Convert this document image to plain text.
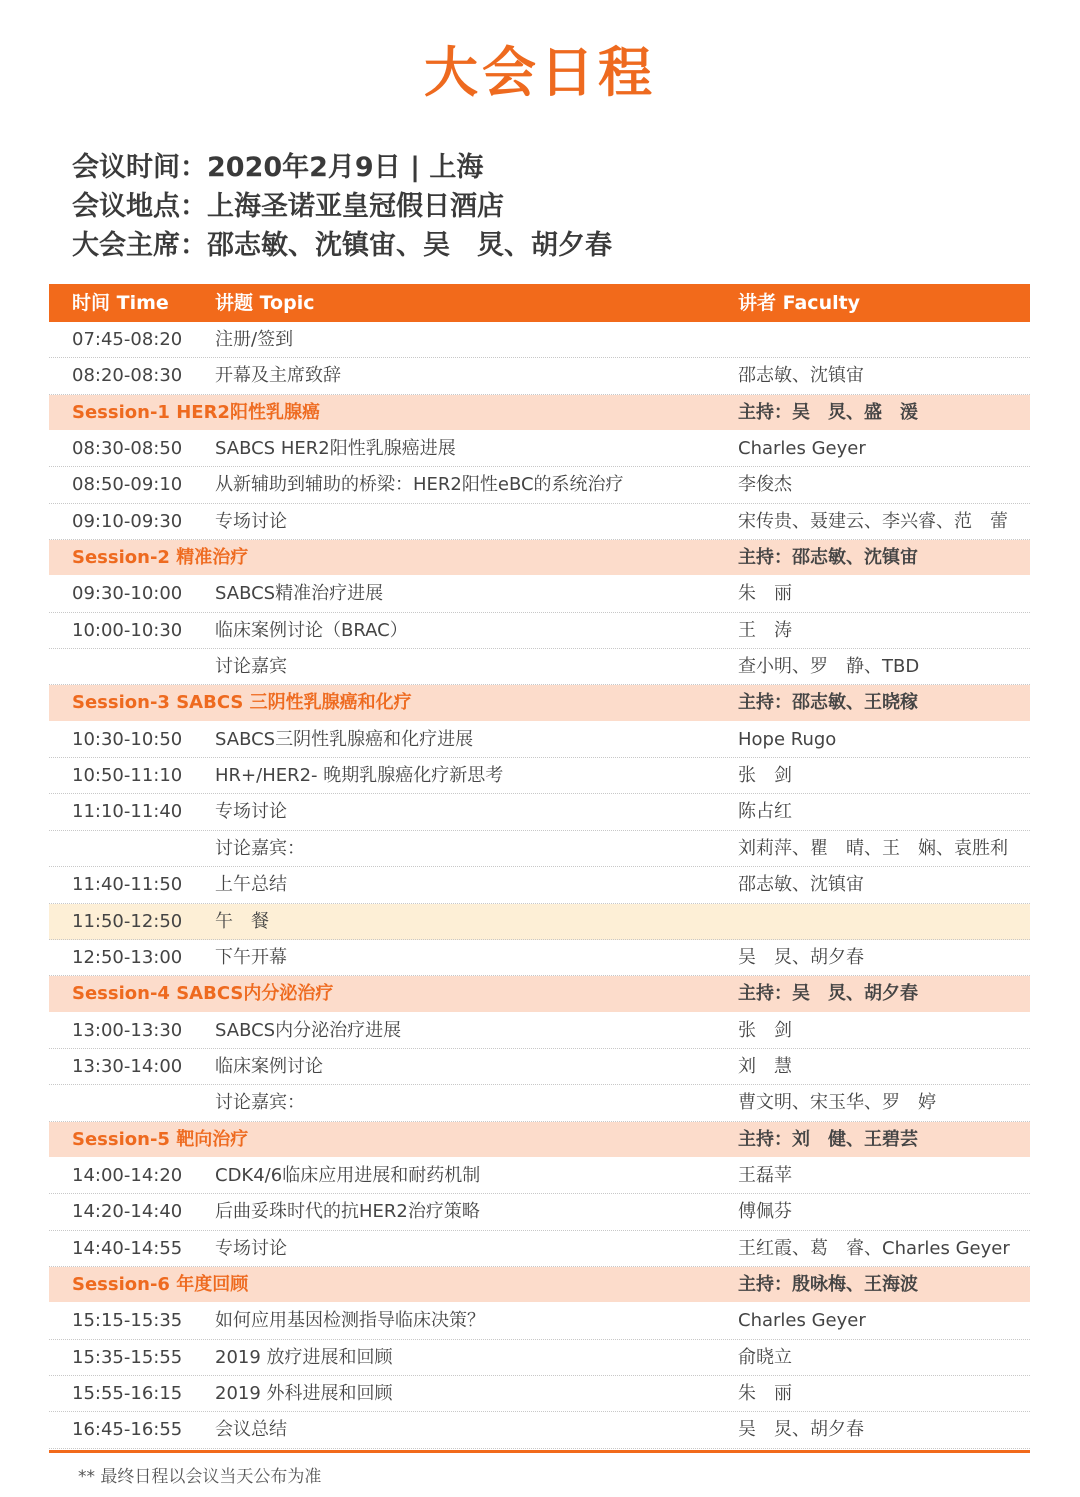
大会日程
会议时间：2020年2月9日 | 上海
会议地点：上海圣诺亚皇冠假日酒店
大会主席：邵志敏、沈镇宙、吴　炅、胡夕春
时间 Time 讲题 Topic	讲者 Faculty
07:45-08:20 注册/签到
08:20-08:30 开幕及主席致辞	邵志敏、沈镇宙
Session-1 HER2阳性乳腺癌	主持：吴　炅、盛　湲
08:30-08:50 SABCS HER2阳性乳腺癌进展	Charles Geyer
08:50-09:10 从新辅助到辅助的桥梁：HER2阳性eBC的系统治疗	李俊杰
09:10-09:30 专场讨论	宋传贵、聂建云、李兴睿、范　蕾
Session-2 精准治疗	主持：邵志敏、沈镇宙
09:30-10:00 SABCS精准治疗进展	朱　丽
10:00-10:30 临床案例讨论（BRAC）	王　涛
讨论嘉宾	查小明、罗　静、TBD
Session-3 SABCS 三阴性乳腺癌和化疗	主持：邵志敏、王晓稼
10:30-10:50 SABCS三阴性乳腺癌和化疗进展	Hope Rugo
10:50-11:10 HR+/HER2- 晚期乳腺癌化疗新思考	张　剑
11:10-11:40 专场讨论	陈占红
讨论嘉宾：	刘莉萍、瞿　晴、王　娴、袁胜利
11:40-11:50 上午总结	邵志敏、沈镇宙
11:50-12:50 午　餐
12:50-13:00 下午开幕	吴　炅、胡夕春
Session-4 SABCS内分泌治疗	主持：吴　炅、胡夕春
13:00-13:30 SABCS内分泌治疗进展	张　剑
13:30-14:00 临床案例讨论	刘　慧
讨论嘉宾：	曹文明、宋玉华、罗　婷
Session-5 靶向治疗	主持：刘　健、王碧芸
14:00-14:20 CDK4/6临床应用进展和耐药机制	王磊苹
14:20-14:40 后曲妥珠时代的抗HER2治疗策略	傅佩芬
14:40-14:55 专场讨论	王红霞、葛　睿、Charles Geyer
Session-6 年度回顾	主持：殷咏梅、王海波
15:15-15:35 如何应用基因检测指导临床决策？	Charles Geyer
15:35-15:55 2019 放疗进展和回顾	俞晓立
15:55-16:15 2019 外科进展和回顾	朱　丽
16:45-16:55 会议总结	吴　炅、胡夕春
** 最终日程以会议当天公布为准
